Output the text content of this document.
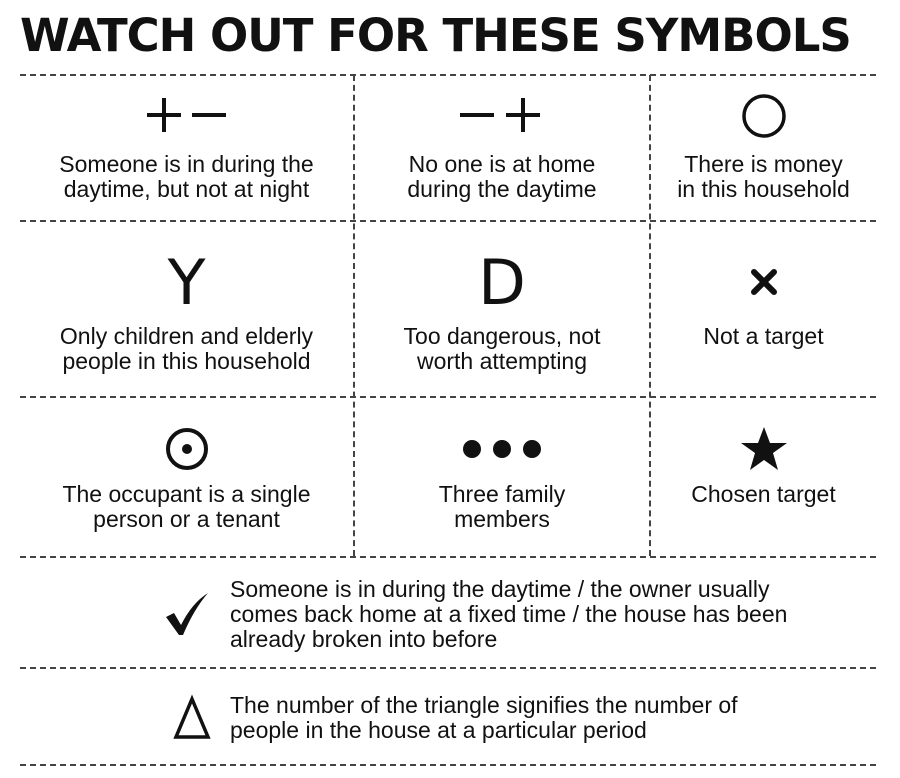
WATCH OUT FOR THESE SYMBOLS
Someone is in during the
daytime, but not at night
No one is at home
during the daytime
There is money
in this household
Y
Only children and elderly
people in this household
D
Too dangerous, not
worth attempting
Not a target
The occupant is a single
person or a tenant
Three family
members
Chosen target
Someone is in during the daytime / the owner usually
comes back home at a fixed time / the house has been
already broken into before
The number of the triangle signifies the number of
people in the house at a particular period
